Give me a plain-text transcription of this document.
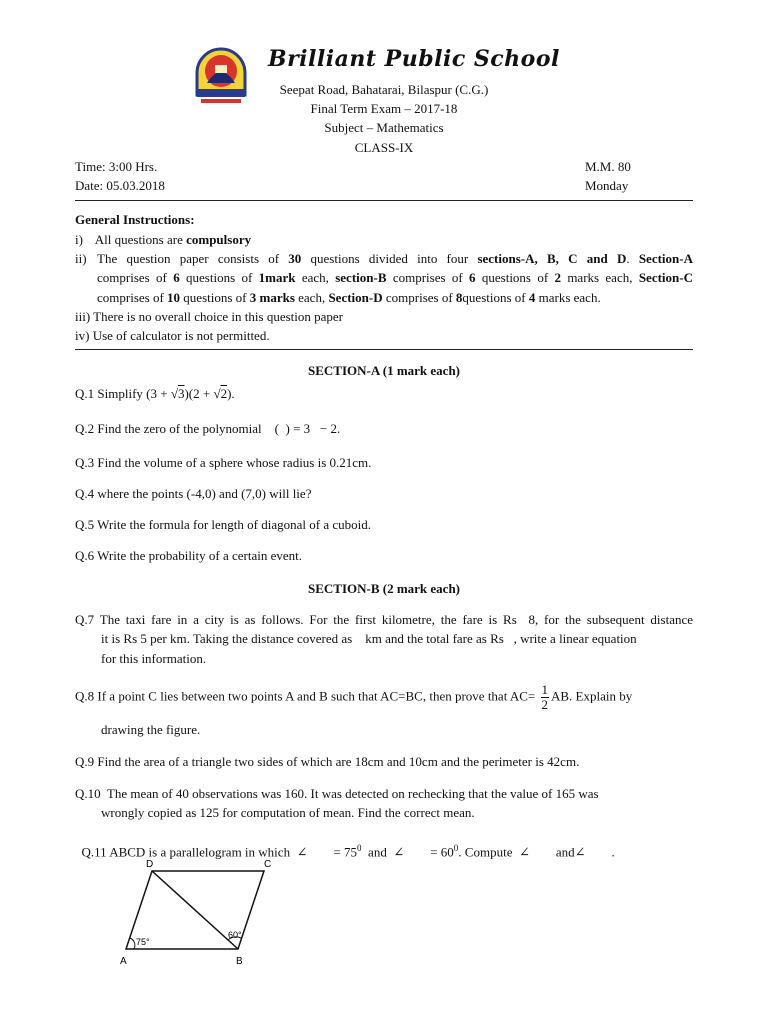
Brilliant Public School
Seepat Road, Bahatarai, Bilaspur (C.G.)
Final Term Exam – 2017-18
Subject – Mathematics
CLASS-IX
Time: 3:00 Hrs.
Date: 05.03.2018
M.M. 80
Monday
General Instructions:
i) All questions are compulsory
ii) The question paper consists of 30 questions divided into four sections-A, B, C and D. Section-A
comprises of 6 questions of 1mark each, section-B comprises of 6 questions of 2 marks each, Section-C
comprises of 10 questions of 3 marks each, Section-D comprises of 8questions of 4 marks each.
iii) There is no overall choice in this question paper
iv) Use of calculator is not permitted.
SECTION-A (1 mark each)
Q.1 Simplify (3 + √3)(2 + √2).
Q.2 Find the zero of the polynomial    (  ) = 3   − 2.
Q.3 Find the volume of a sphere whose radius is 0.21cm.
Q.4 where the points (-4,0) and (7,0) will lie?
Q.5 Write the formula for length of diagonal of a cuboid.
Q.6 Write the probability of a certain event.
SECTION-B (2 mark each)
Q.7 The taxi fare in a city is as follows. For the first kilometre, the fare is Rs  8, for the subsequent distance
it is Rs 5 per km. Taking the distance covered as    km and the total fare as Rs   , write a linear equation
for this information.
Q.8 If a point C lies between two points A and B such that AC=BC, then prove that $AC= \frac{1}{2}$ AB. Explain by
drawing the figure.
Q.9 Find the area of a triangle two sides of which are 18cm and 10cm and the perimeter is 42cm.
Q.10  The mean of 40 observations was 160. It was detected on rechecking that the value of 165 was
wrongly copied as 125 for computation of mean. Find the correct mean.

Q.11 ABCD is a parallelogram in which  ∠        = $75^0$  and  ∠        = $60^0$. Compute  ∠        and∠        .

A	B
C
D
75°
60°
